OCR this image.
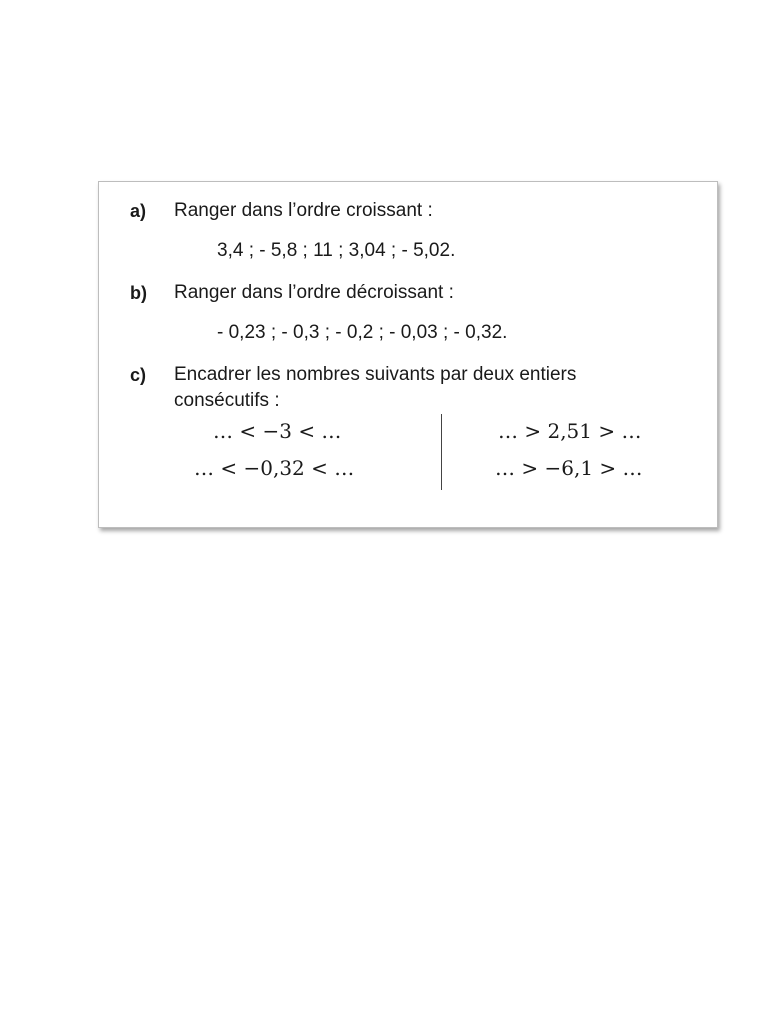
a) Ranger dans l’ordre croissant :
3,4 ; - 5,8 ; 11 ; 3,04 ; - 5,02.
b) Ranger dans l’ordre décroissant :
- 0,23 ; - 0,3 ; - 0,2 ; - 0,03 ; - 0,32.
c) Encadrer les nombres suivants par deux entiers
consécutifs :
… < −3 < …
… < −0,32 < …
… > 2,51 > …
… > −6,1 > …
